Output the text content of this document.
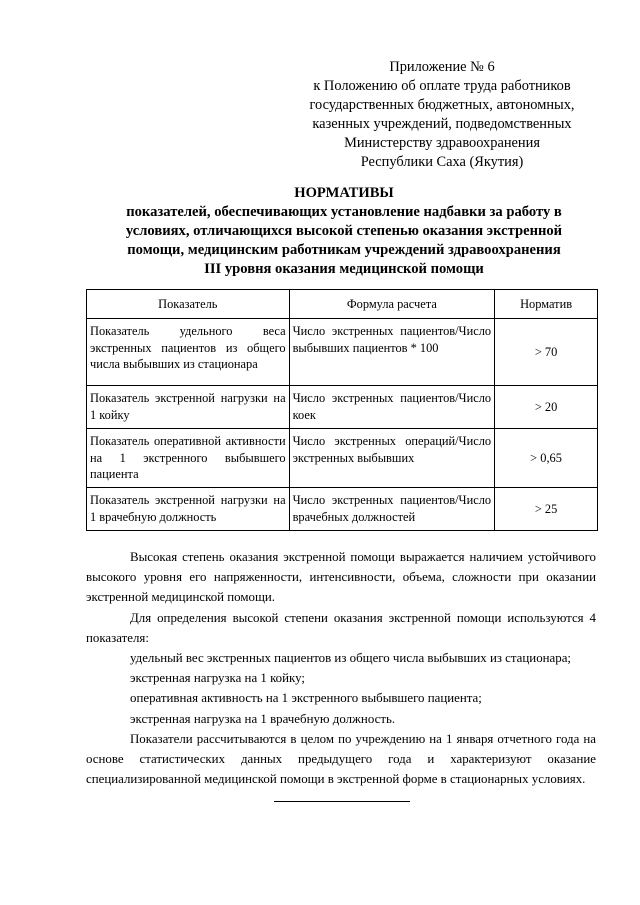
Приложение № 6
к Положению об оплате труда работников
государственных бюджетных, автономных,
казенных учреждений, подведомственных
Министерству здравоохранения
Республики Саха (Якутия)
НОРМАТИВЫ
показателей, обеспечивающих установление надбавки за работу в
условиях, отличающихся высокой степенью оказания экстренной
помощи, медицинским работникам учреждений здравоохранения
III уровня оказания медицинской помощи
Показатель	Формула расчета	Норматив
Показатель удельного веса экстренных пациентов из общего числа выбывших из стационара	Число экстренных пациентов/Число выбывших пациентов * 100	> 70
Показатель экстренной нагрузки на 1 койку	Число экстренных пациентов/Число коек	> 20
Показатель оперативной активности на 1 экстренного выбывшего пациента	Число экстренных операций/Число экстренных выбывших	> 0,65
Показатель экстренной нагрузки на 1 врачебную должность	Число экстренных пациентов/Число врачебных должностей	> 25

Высокая степень оказания экстренной помощи выражается наличием устойчивого высокого уровня его напряженности, интенсивности, объема, сложности при оказании экстренной медицинской помощи.

Для определения высокой степени оказания экстренной помощи используются 4 показателя:

удельный вес экстренных пациентов из общего числа выбывших из стационара;

экстренная нагрузка на 1 койку;

оперативная активность на 1 экстренного выбывшего пациента;

экстренная нагрузка на 1 врачебную должность.

Показатели рассчитываются в целом по учреждению на 1 января отчетного года на основе статистических данных предыдущего года и характеризуют оказание специализированной медицинской помощи в экстренной форме в стационарных условиях.
